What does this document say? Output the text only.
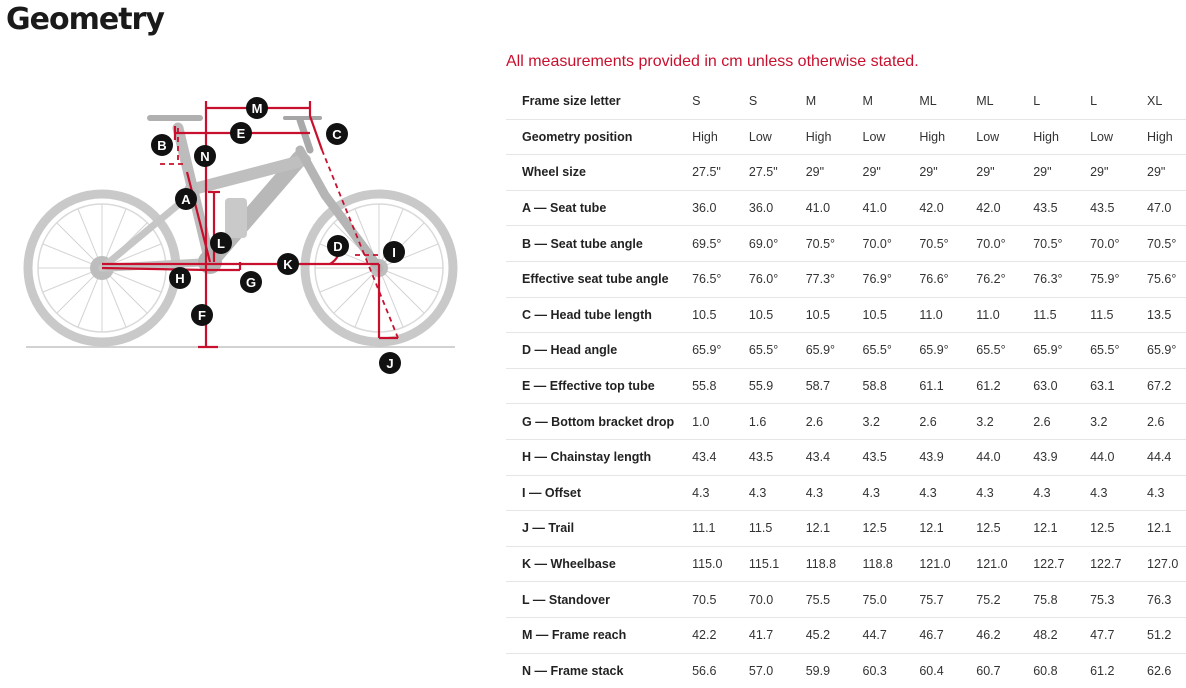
Geometry
M
E	C
B
N
A
L	D	I
K
H	G
F
J
All measurements provided in cm unless otherwise stated.
Frame size letter	S	S	M	M	ML	ML	L	L	XL
Geometry position	High	Low	High	Low	High	Low	High	Low	High
Wheel size	27.5"	27.5"	29"	29"	29"	29"	29"	29"	29"
A — Seat tube	36.0	36.0	41.0	41.0	42.0	42.0	43.5	43.5	47.0
B — Seat tube angle	69.5°	69.0°	70.5°	70.0°	70.5°	70.0°	70.5°	70.0°	70.5°
Effective seat tube angle	76.5°	76.0°	77.3°	76.9°	76.6°	76.2°	76.3°	75.9°	75.6°
C — Head tube length	10.5	10.5	10.5	10.5	11.0	11.0	11.5	11.5	13.5
D — Head angle	65.9°	65.5°	65.9°	65.5°	65.9°	65.5°	65.9°	65.5°	65.9°
E — Effective top tube	55.8	55.9	58.7	58.8	61.1	61.2	63.0	63.1	67.2
G — Bottom bracket drop	1.0	1.6	2.6	3.2	2.6	3.2	2.6	3.2	2.6
H — Chainstay length	43.4	43.5	43.4	43.5	43.9	44.0	43.9	44.0	44.4
I — Offset	4.3	4.3	4.3	4.3	4.3	4.3	4.3	4.3	4.3
J — Trail	11.1	11.5	12.1	12.5	12.1	12.5	12.1	12.5	12.1
K — Wheelbase	115.0	115.1	118.8	118.8	121.0	121.0	122.7	122.7	127.0
L — Standover	70.5	70.0	75.5	75.0	75.7	75.2	75.8	75.3	76.3
M — Frame reach	42.2	41.7	45.2	44.7	46.7	46.2	48.2	47.7	51.2
N — Frame stack	56.6	57.0	59.9	60.3	60.4	60.7	60.8	61.2	62.6
